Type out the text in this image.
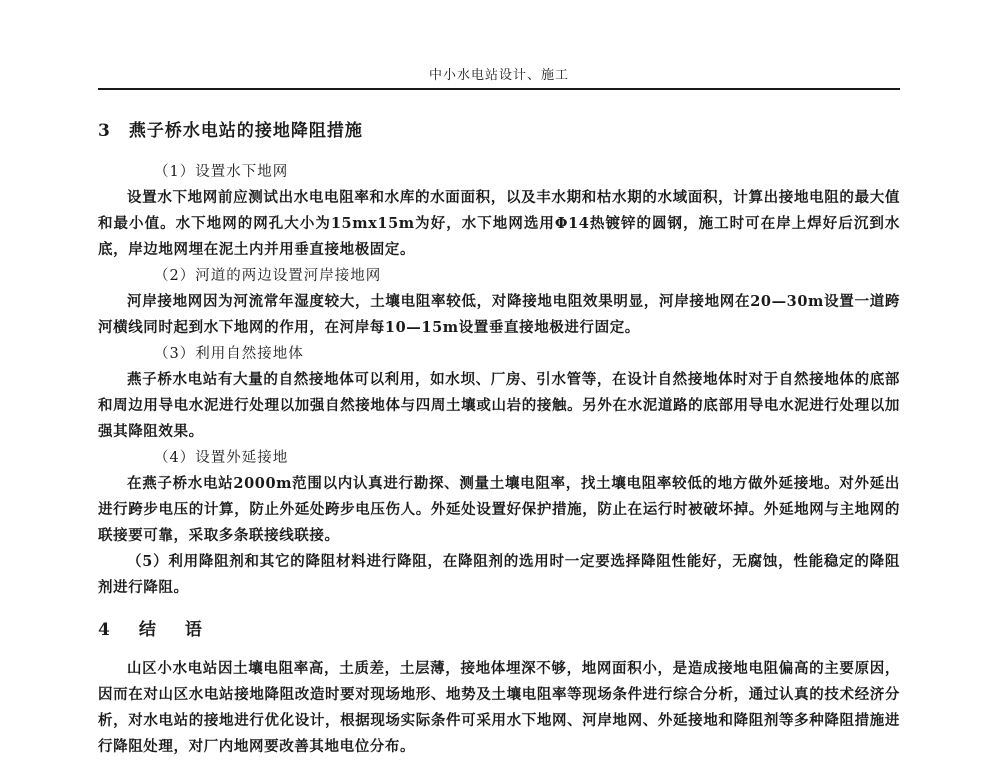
中小水电站设计、施工
3　燕子桥水电站的接地降阻措施

（1）设置水下地网

设置水下地网前应测试出水电电阻率和水库的水面面积，以及丰水期和枯水期的水域面积，计算出接地电阻的最大值和最小值。水下地网的网孔大小为15mx15m为好，水下地网选用Φ14热镀锌的圆钢，施工时可在岸上焊好后沉到水底，岸边地网埋在泥土内并用垂直接地极固定。

（2）河道的两边设置河岸接地网

河岸接地网因为河流常年湿度较大，土壤电阻率较低，对降接地电阻效果明显，河岸接地网在20—30m设置一道跨河横线同时起到水下地网的作用，在河岸每10—15m设置垂直接地极进行固定。

（3）利用自然接地体

燕子桥水电站有大量的自然接地体可以利用，如水坝、厂房、引水管等，在设计自然接地体时对于自然接地体的底部和周边用导电水泥进行处理以加强自然接地体与四周土壤或山岩的接触。另外在水泥道路的底部用导电水泥进行处理以加强其降阻效果。

（4）设置外延接地

在燕子桥水电站2000m范围以内认真进行勘探、测量土壤电阻率，找土壤电阻率较低的地方做外延接地。对外延出进行跨步电压的计算，防止外延处跨步电压伤人。外延处设置好保护措施，防止在运行时被破坏掉。外延地网与主地网的联接要可靠，采取多条联接线联接。

（5）利用降阻剂和其它的降阻材料进行降阻，在降阻剂的选用时一定要选择降阻性能好，无腐蚀，性能稳定的降阻剂进行降阻。

4　结　语

山区小水电站因土壤电阻率高，土质差，土层薄，接地体埋深不够，地网面积小，是造成接地电阻偏高的主要原因，因而在对山区水电站接地降阻改造时要对现场地形、地势及土壤电阻率等现场条件进行综合分析，通过认真的技术经济分析，对水电站的接地进行优化设计，根据现场实际条件可采用水下地网、河岸地网、外延接地和降阻剂等多种降阻措施进行降阻处理，对厂内地网要改善其地电位分布。
